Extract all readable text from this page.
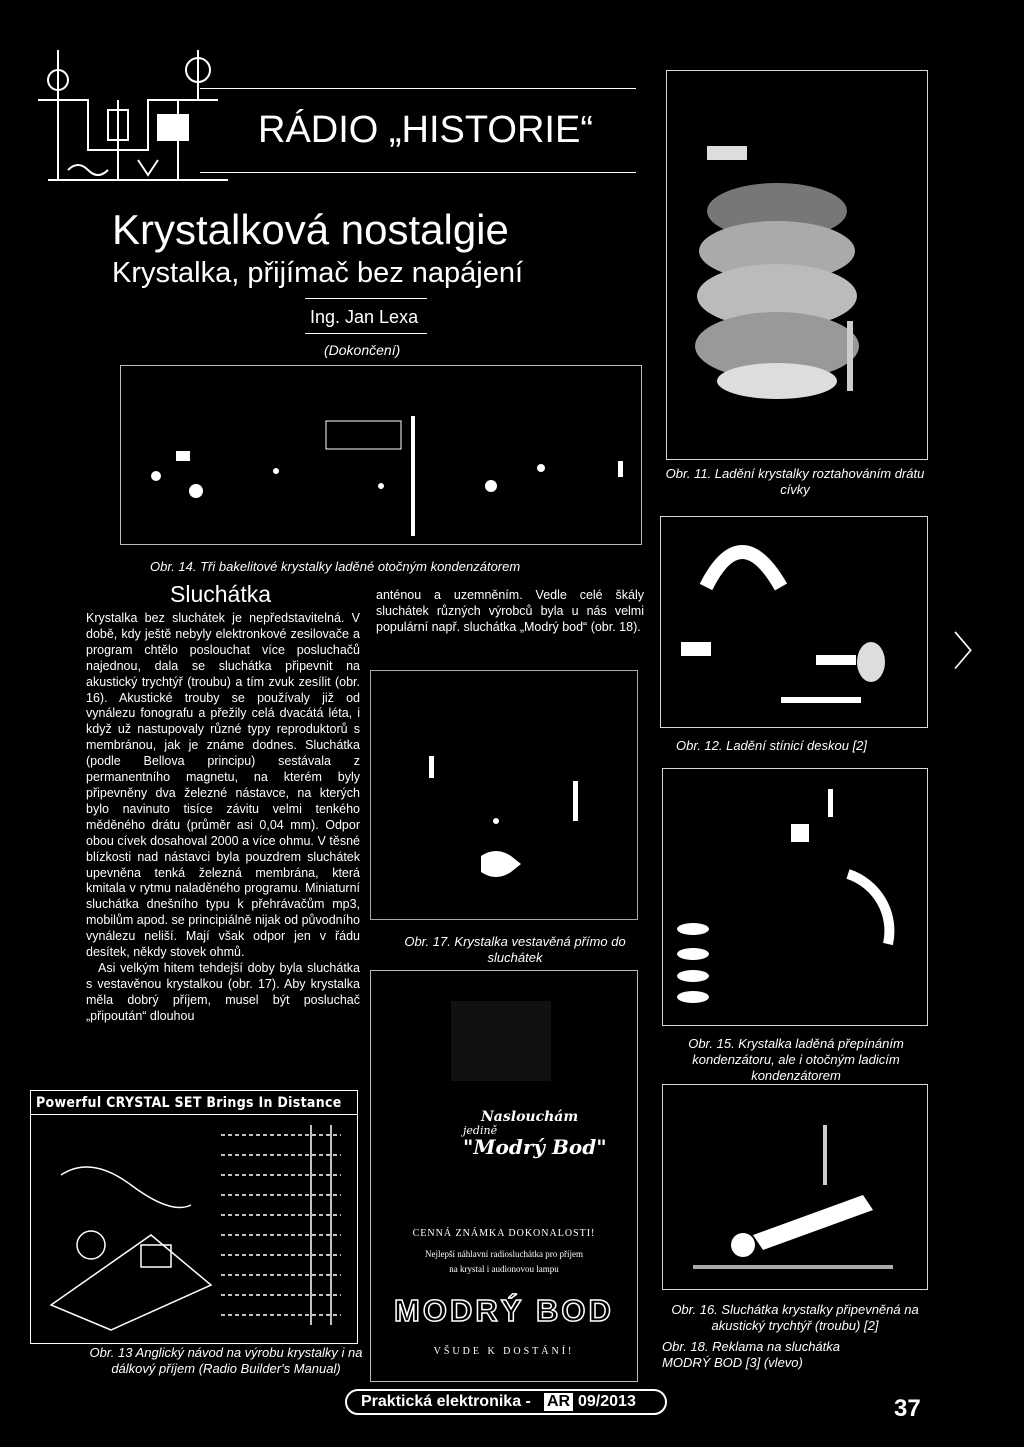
RÁDIO „HISTORIE“
Krystalková nostalgie
Krystalka, přijímač bez napájení
Ing. Jan Lexa
(Dokončení)
Obr. 11. Ladění krystalky roztahováním drátu cívky
Obr. 14. Tři bakelitové krystalky laděné otočným kondenzátorem
Sluchátka

Krystalka bez sluchátek je nepředstavitelná. V době, kdy ještě nebyly elektronkové zesilovače a program chtělo poslouchat více posluchačů najednou, dala se sluchátka připevnit na akustický trychtýř (troubu) a tím zvuk zesílit (obr. 16). Akustické trouby se používaly již od vynálezu fonografu a přežily celá dvacátá léta, i když už nastupovaly různé typy reproduktorů s membránou, jak je známe dodnes. Sluchátka (podle Bellova principu) sestávala z permanentního magnetu, na kterém byly připevněny dva železné nástavce, na kterých bylo navinuto tisíce závitu velmi tenkého měděného drátu (průměr asi 0,04 mm). Odpor obou cívek dosahoval 2000 a více ohmu. V těsné blízkosti nad nástavci byla pouzdrem sluchátek upevněna tenká železná membrána, která kmitala v rytmu naladěného programu. Miniaturní sluchátka dnešního typu k přehrávačům mp3, mobilům apod. se principiálně nijak od původního vynálezu neliší. Mají však odpor jen v řádu desítek, někdy stovek ohmů.

Asi velkým hitem tehdejší doby byla sluchátka s vestavěnou krystalkou (obr. 17). Aby krystalka měla dobrý příjem, musel být posluchač „připoután“ dlouhou

anténou a uzemněním. Vedle celé škály sluchátek různých výrobců byla u nás velmi populární např. sluchátka „Modrý bod“ (obr. 18).

〉
Obr. 12. Ladění stínicí deskou [2]
Obr. 17. Krystalka vestavěná přímo do sluchátek
Obr. 15. Krystalka laděná přepínáním kondenzátoru, ale i otočným ladicím kondenzátorem
Naslouchám
jedině
"Modrý Bod"
CENNÁ ZNÁMKA DOKONALOSTI!
Nejlepší náhlavní radiosluchátka pro příjem
na krystal i audionovou lampu
MODRÝ BOD
VŠUDE K DOSTÁNÍ!
Powerful CRYSTAL SET Brings In Distance
Obr. 13 Anglický návod na výrobu krystalky i na dálkový příjem (Radio Builder's Manual)
Obr. 16. Sluchátka krystalky připevněná na akustický trychtýř (troubu) [2]
Obr. 18. Reklama na sluchátka MODRÝ BOD [3] (vlevo)
Praktická elektronika - AR 09/2013	37
